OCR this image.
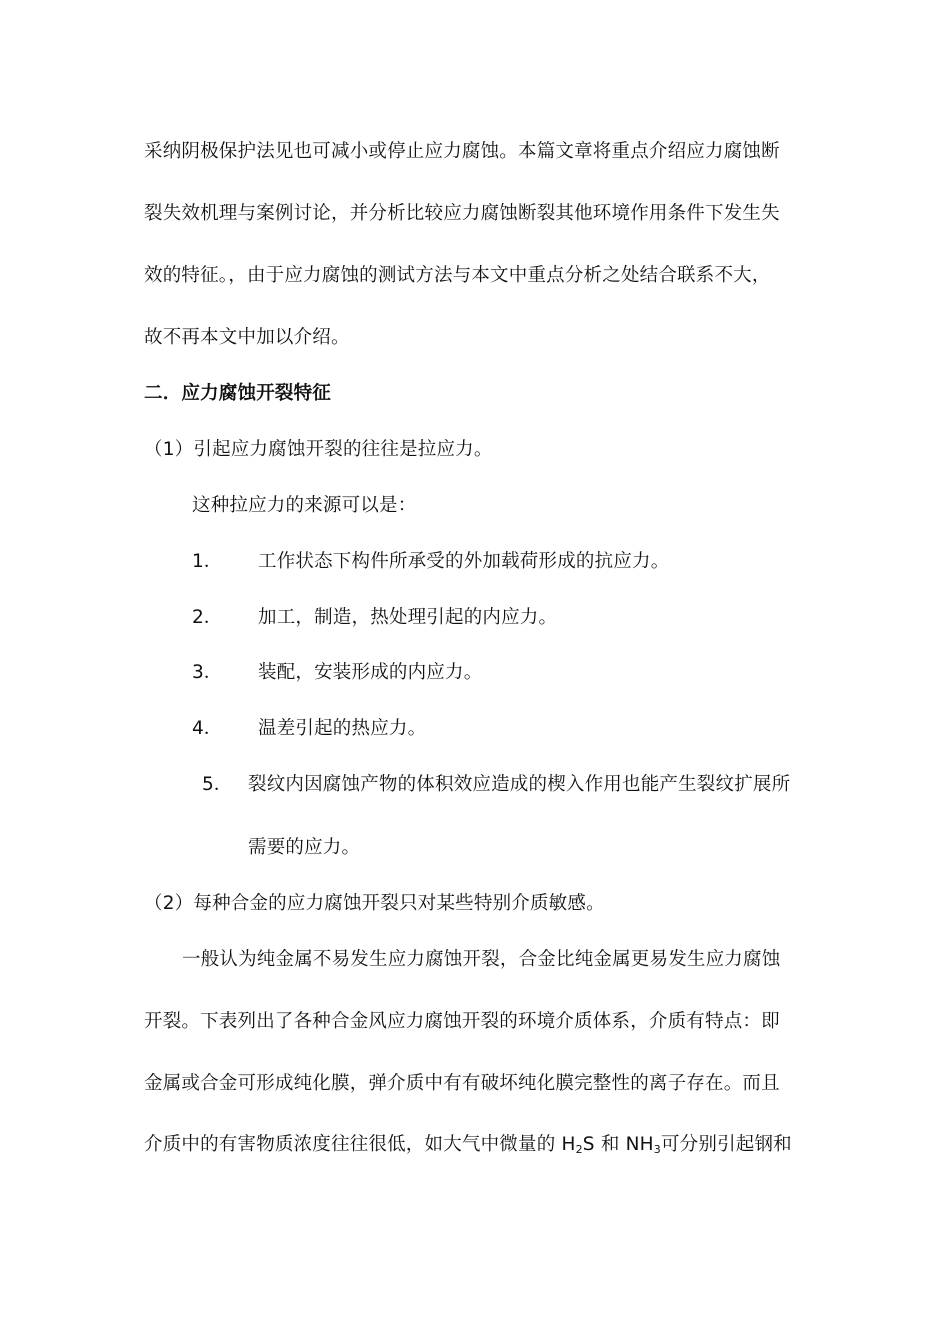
采纳阴极保护法见也可减小或停止应力腐蚀。本篇文章将重点介绍应力腐蚀断
裂失效机理与案例讨论，并分析比较应力腐蚀断裂其他环境作用条件下发生失
效的特征。，由于应力腐蚀的测试方法与本文中重点分析之处结合联系不大，
故不再本文中加以介绍。
二．应力腐蚀开裂特征
（1）引起应力腐蚀开裂的往往是拉应力。
这种拉应力的来源可以是：
1． 工作状态下构件所承受的外加载荷形成的抗应力。
2． 加工，制造，热处理引起的内应力。
3． 装配，安装形成的内应力。
4． 温差引起的热应力。
5． 裂纹内因腐蚀产物的体积效应造成的楔入作用也能产生裂纹扩展所
需要的应力。
（2）每种合金的应力腐蚀开裂只对某些特别介质敏感。
一般认为纯金属不易发生应力腐蚀开裂，合金比纯金属更易发生应力腐蚀
开裂。下表列出了各种合金风应力腐蚀开裂的环境介质体系，介质有特点：即
金属或合金可形成纯化膜，弹介质中有有破坏纯化膜完整性的离子存在。而且
介质中的有害物质浓度往往很低，如大气中微量的 $H_2S$ 和 $NH_3$可分别引起钢和
